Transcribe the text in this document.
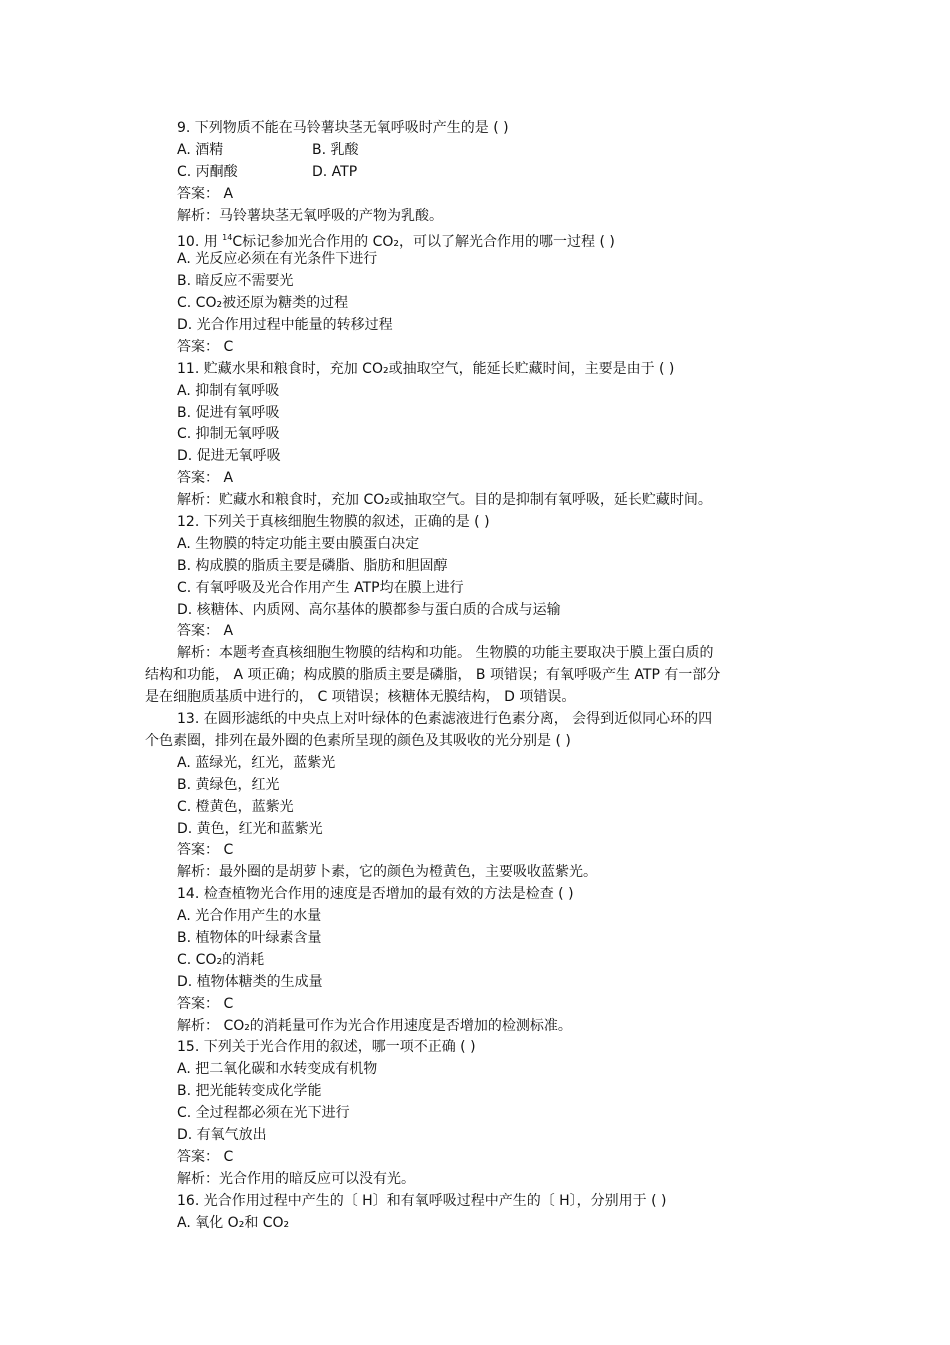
9. 下列物质不能在马铃薯块茎无氧呼吸时产生的是 ( )
A. 酒精	B. 乳酸
C. 丙酮酸	D. ATP
答案： A
解析：马铃薯块茎无氧呼吸的产物为乳酸。
10. 用 $^{14}$C标记参加光合作用的 CO₂，可以了解光合作用的哪一过程 ( )
A. 光反应必须在有光条件下进行
B. 暗反应不需要光
C. CO₂被还原为糖类的过程
D. 光合作用过程中能量的转移过程
答案： C
11. 贮藏水果和粮食时，充加 CO₂或抽取空气，能延长贮藏时间，主要是由于 ( )
A. 抑制有氧呼吸
B. 促进有氧呼吸
C. 抑制无氧呼吸
D. 促进无氧呼吸
答案： A
解析：贮藏水和粮食时，充加 CO₂或抽取空气。目的是抑制有氧呼吸，延长贮藏时间。
12. 下列关于真核细胞生物膜的叙述，正确的是 ( )
A. 生物膜的特定功能主要由膜蛋白决定
B. 构成膜的脂质主要是磷脂、脂肪和胆固醇
C. 有氧呼吸及光合作用产生 ATP均在膜上进行
D. 核糖体、内质网、高尔基体的膜都参与蛋白质的合成与运输
答案： A
解析：本题考查真核细胞生物膜的结构和功能。 生物膜的功能主要取决于膜上蛋白质的
结构和功能， A 项正确；构成膜的脂质主要是磷脂， B 项错误；有氧呼吸产生 ATP 有一部分
是在细胞质基质中进行的， C 项错误；核糖体无膜结构， D 项错误。
13. 在圆形滤纸的中央点上对叶绿体的色素滤液进行色素分离， 会得到近似同心环的四
个色素圈，排列在最外圈的色素所呈现的颜色及其吸收的光分别是 ( )
A. 蓝绿光，红光，蓝紫光
B. 黄绿色，红光
C. 橙黄色，蓝紫光
D. 黄色，红光和蓝紫光
答案： C
解析：最外圈的是胡萝卜素，它的颜色为橙黄色，主要吸收蓝紫光。
14. 检查植物光合作用的速度是否增加的最有效的方法是检查 ( )
A. 光合作用产生的水量
B. 植物体的叶绿素含量
C. CO₂的消耗
D. 植物体糖类的生成量
答案： C
解析： CO₂的消耗量可作为光合作用速度是否增加的检测标准。
15. 下列关于光合作用的叙述，哪一项不正确 ( )
A. 把二氧化碳和水转变成有机物
B. 把光能转变成化学能
C. 全过程都必须在光下进行
D. 有氧气放出
答案： C
解析：光合作用的暗反应可以没有光。
16. 光合作用过程中产生的〔 H〕和有氧呼吸过程中产生的〔 H〕，分别用于 ( )
A. 氧化 O₂和 CO₂
